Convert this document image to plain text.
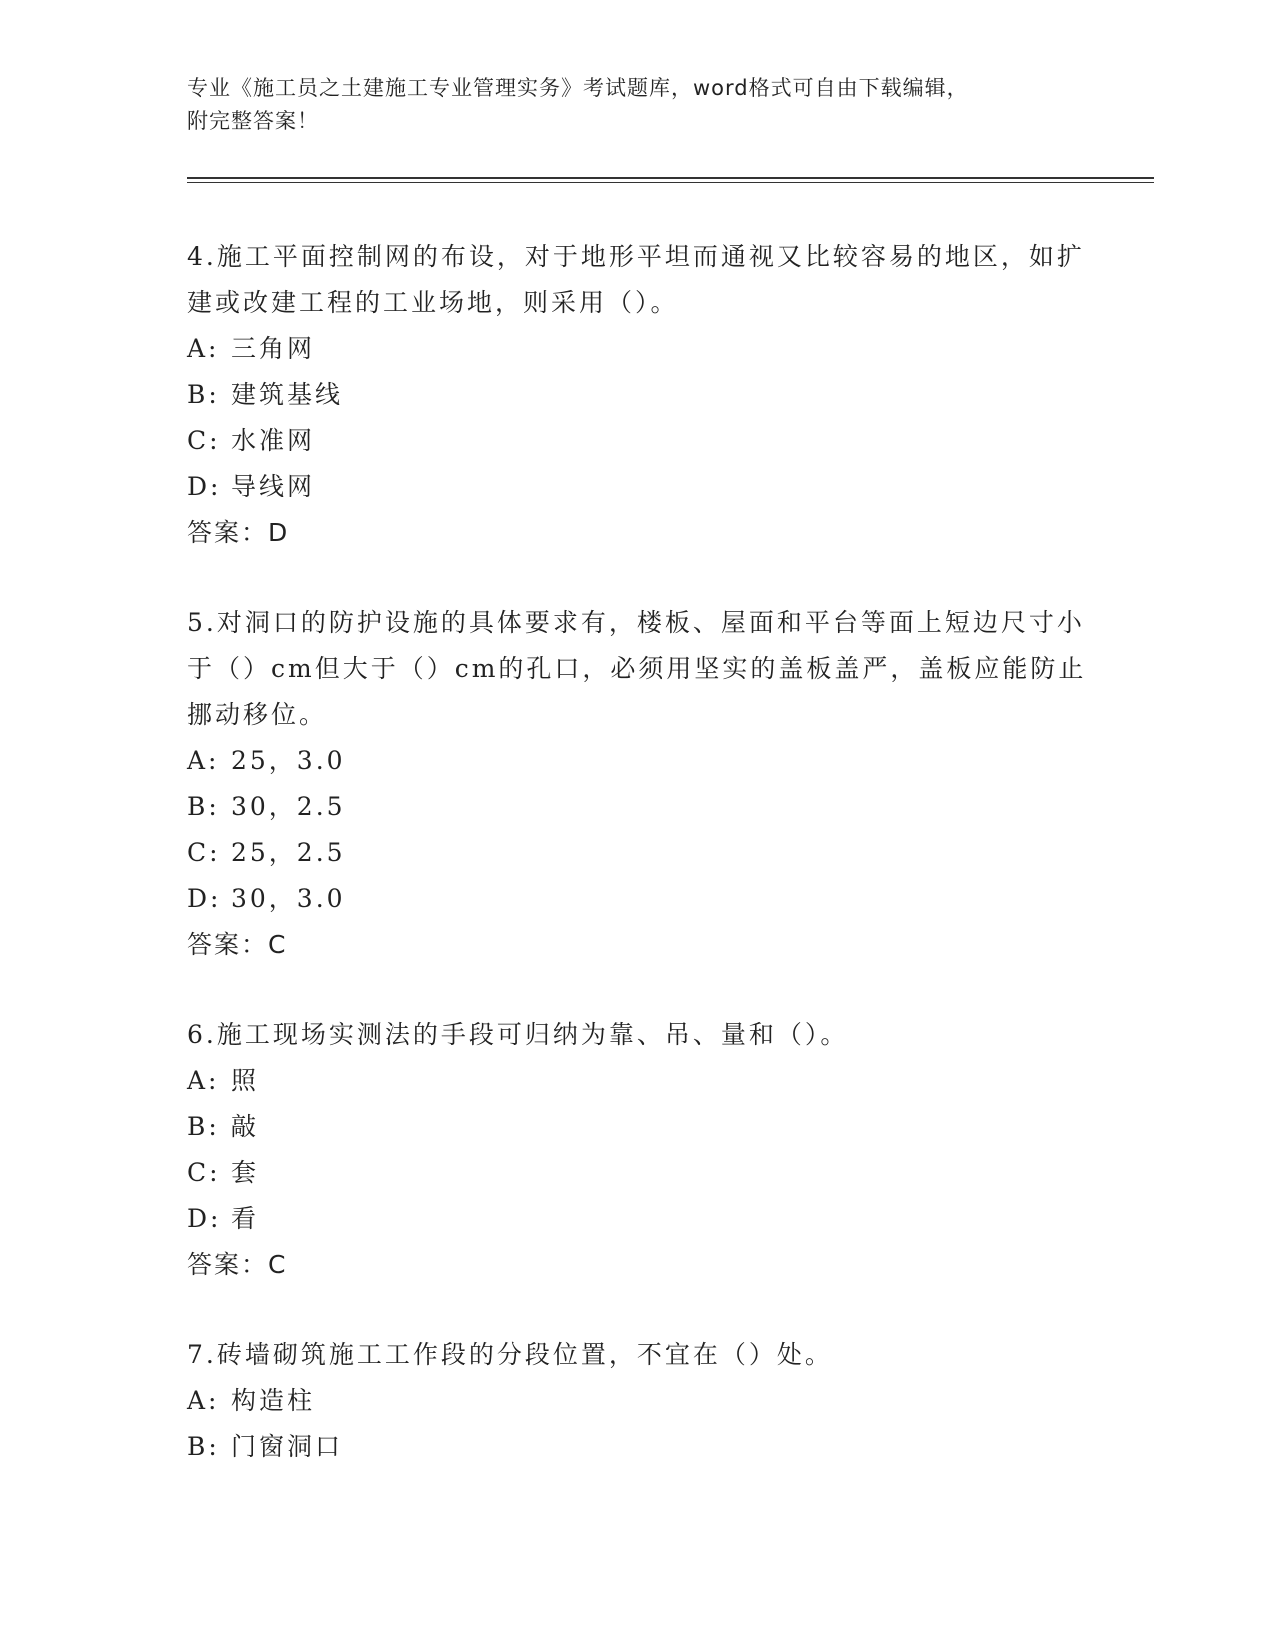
专业《施工员之土建施工专业管理实务》考试题库，word格式可自由下载编辑，
附完整答案！

4.施工平面控制网的布设，对于地形平坦而通视又比较容易的地区，如扩建或改建工程的工业场地，则采用（）。

A: 三角网
B: 建筑基线
C: 水准网
D: 导线网

答案：D

5.对洞口的防护设施的具体要求有，楼板、屋面和平台等面上短边尺寸小于（）cm但大于（）cm的孔口，必须用坚实的盖板盖严，盖板应能防止挪动移位。

A: 25，3.0
B: 30，2.5
C: 25，2.5
D: 30，3.0

答案：C

6.施工现场实测法的手段可归纳为靠、吊、量和（）。

A: 照
B: 敲
C: 套
D: 看

答案：C

7.砖墙砌筑施工工作段的分段位置，不宜在（）处。

A: 构造柱
B: 门窗洞口
